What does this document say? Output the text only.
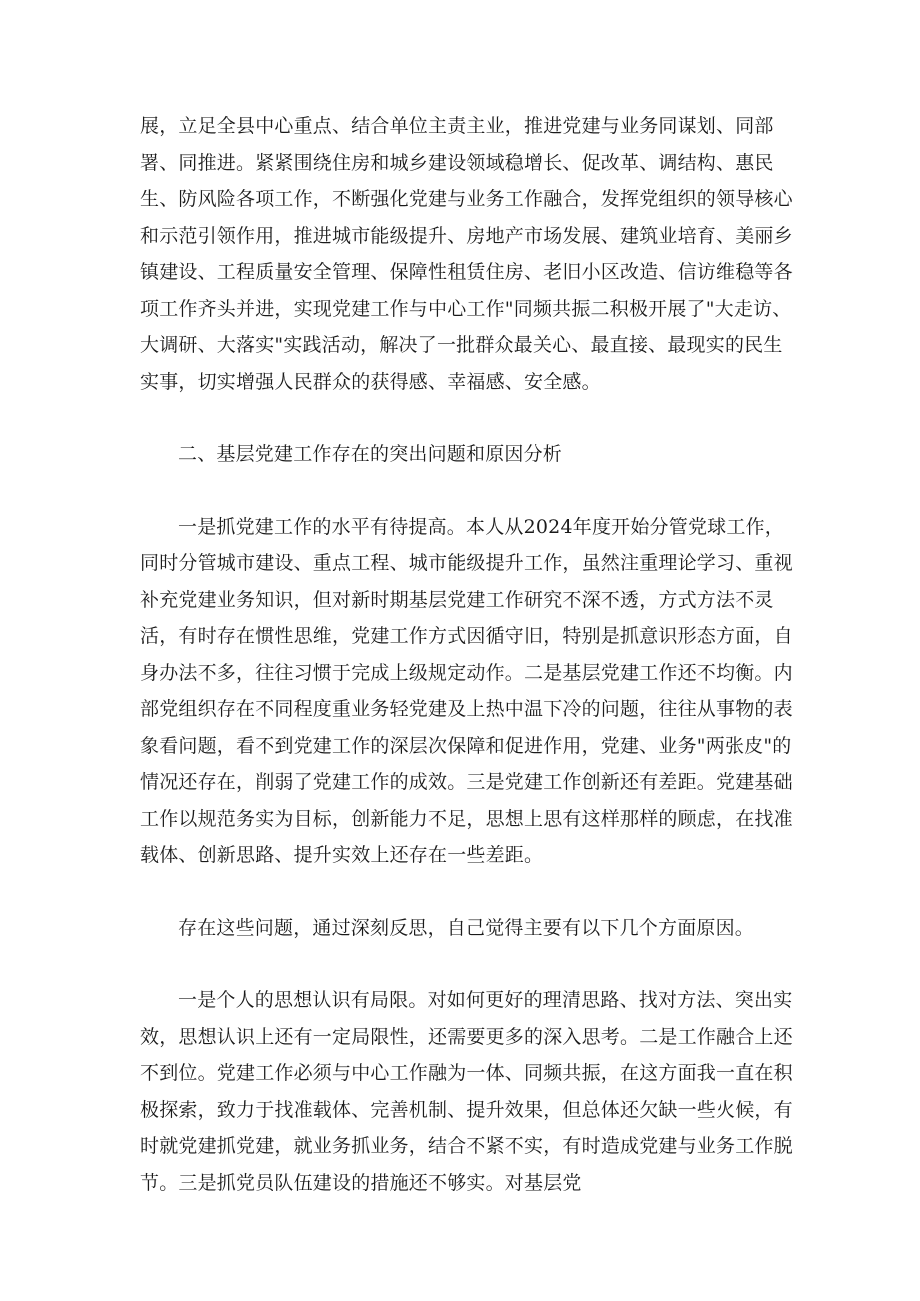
展，立足全县中心重点、结合单位主责主业，推进党建与业务同谋划、同部署、同推进。紧紧围绕住房和城乡建设领域稳增长、促改革、调结构、惠民生、防风险各项工作，不断强化党建与业务工作融合，发挥党组织的领导核心和示范引领作用，推进城市能级提升、房地产市场发展、建筑业培育、美丽乡镇建设、工程质量安全管理、保障性租赁住房、老旧小区改造、信访维稳等各项工作齐头并进，实现党建工作与中心工作"同频共振二积极开展了"大走访、大调研、大落实"实践活动，解决了一批群众最关心、最直接、最现实的民生实事，切实增强人民群众的获得感、幸福感、安全感。

二、基层党建工作存在的突出问题和原因分析

一是抓党建工作的水平有待提高。本人从2024年度开始分管党球工作，同时分管城市建设、重点工程、城市能级提升工作，虽然注重理论学习、重视补充党建业务知识，但对新时期基层党建工作研究不深不透，方式方法不灵活，有时存在惯性思维，党建工作方式因循守旧，特别是抓意识形态方面，自身办法不多，往往习惯于完成上级规定动作。二是基层党建工作还不均衡。内部党组织存在不同程度重业务轻党建及上热中温下冷的问题，往往从事物的表象看问题，看不到党建工作的深层次保障和促进作用，党建、业务"两张皮"的情况还存在，削弱了党建工作的成效。三是党建工作创新还有差距。党建基础工作以规范务实为目标，创新能力不足，思想上思有这样那样的顾虑，在找准载体、创新思路、提升实效上还存在一些差距。

存在这些问题，通过深刻反思，自己觉得主要有以下几个方面原因。

一是个人的思想认识有局限。对如何更好的理清思路、找对方法、突出实效，思想认识上还有一定局限性，还需要更多的深入思考。二是工作融合上还不到位。党建工作必须与中心工作融为一体、同频共振，在这方面我一直在积极探索，致力于找准载体、完善机制、提升效果，但总体还欠缺一些火候，有时就党建抓党建，就业务抓业务，结合不紧不实，有时造成党建与业务工作脱节。三是抓党员队伍建设的措施还不够实。对基层党
